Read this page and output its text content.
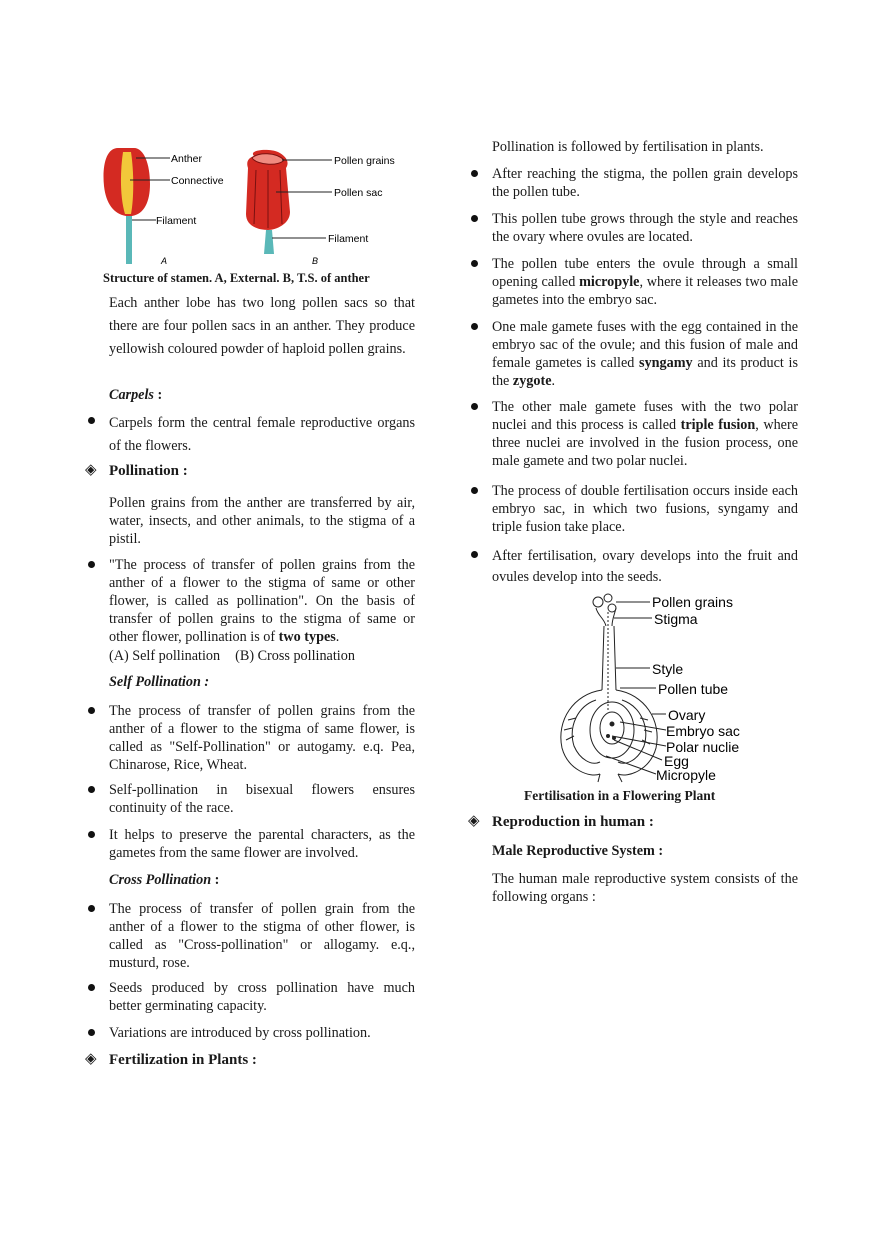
Anther
Connective
Filament
A
Pollen grains
Pollen sac
Filament
B
Structure of stamen. A, External. B, T.S. of anther
Each anther lobe has two long pollen sacs so that there are four pollen sacs in an anther. They produce yellowish coloured powder of haploid pollen grains.
Carpels :
Carpels form the central female reproductive organs of the flowers.
◈ Pollination :
Pollen grains from the anther are transferred by air, water, insects, and other animals, to the stigma of a pistil.
"The process of transfer of pollen grains from the anther of a flower to the stigma of same or other flower, is called as pollination". On the basis of transfer of pollen grains to the stigma of same or other flower, pollination is of two types.
(A) Self pollination (B) Cross pollination
Self Pollination :
The process of transfer of pollen grains from the anther of a flower to the stigma of same flower, is called as "Self-Pollination" or autogamy. e.q. Pea, Chinarose, Rice, Wheat.
Self-pollination in bisexual flowers ensures continuity of the race.
It helps to preserve the parental characters, as the gametes from the same flower are involved.
Cross Pollination :
The process of transfer of pollen grain from the anther of a flower to the stigma of other flower, is called as "Cross-pollination" or allogamy. e.q., musturd, rose.
Seeds produced by cross pollination have much better germinating capacity.
Variations are introduced by cross pollination.
◈ Fertilization in Plants :
Pollination is followed by fertilisation in plants.
After reaching the stigma, the pollen grain develops the pollen tube.
This pollen tube grows through the style and reaches the ovary where ovules are located.
The pollen tube enters the ovule through a small opening called micropyle, where it releases two male gametes into the embryo sac.
One male gamete fuses with the egg contained in the embryo sac of the ovule; and this fusion of male and female gametes is called syngamy and its product is the zygote.
The other male gamete fuses with the two polar nuclei and this process is called triple fusion, where three nuclei are involved in the fusion process, one male gamete and two polar nuclei.
The process of double fertilisation occurs inside each embryo sac, in which two fusions, syngamy and triple fusion take place.
After fertilisation, ovary develops into the fruit and ovules develop into the seeds.
Pollen grains
Stigma
Style
Pollen tube
Ovary
Embryo sac
Polar nuclie
Egg
Micropyle
Fertilisation in a Flowering Plant
◈ Reproduction in human :
Male Reproductive System :
The human male reproductive system consists of the following organs :
